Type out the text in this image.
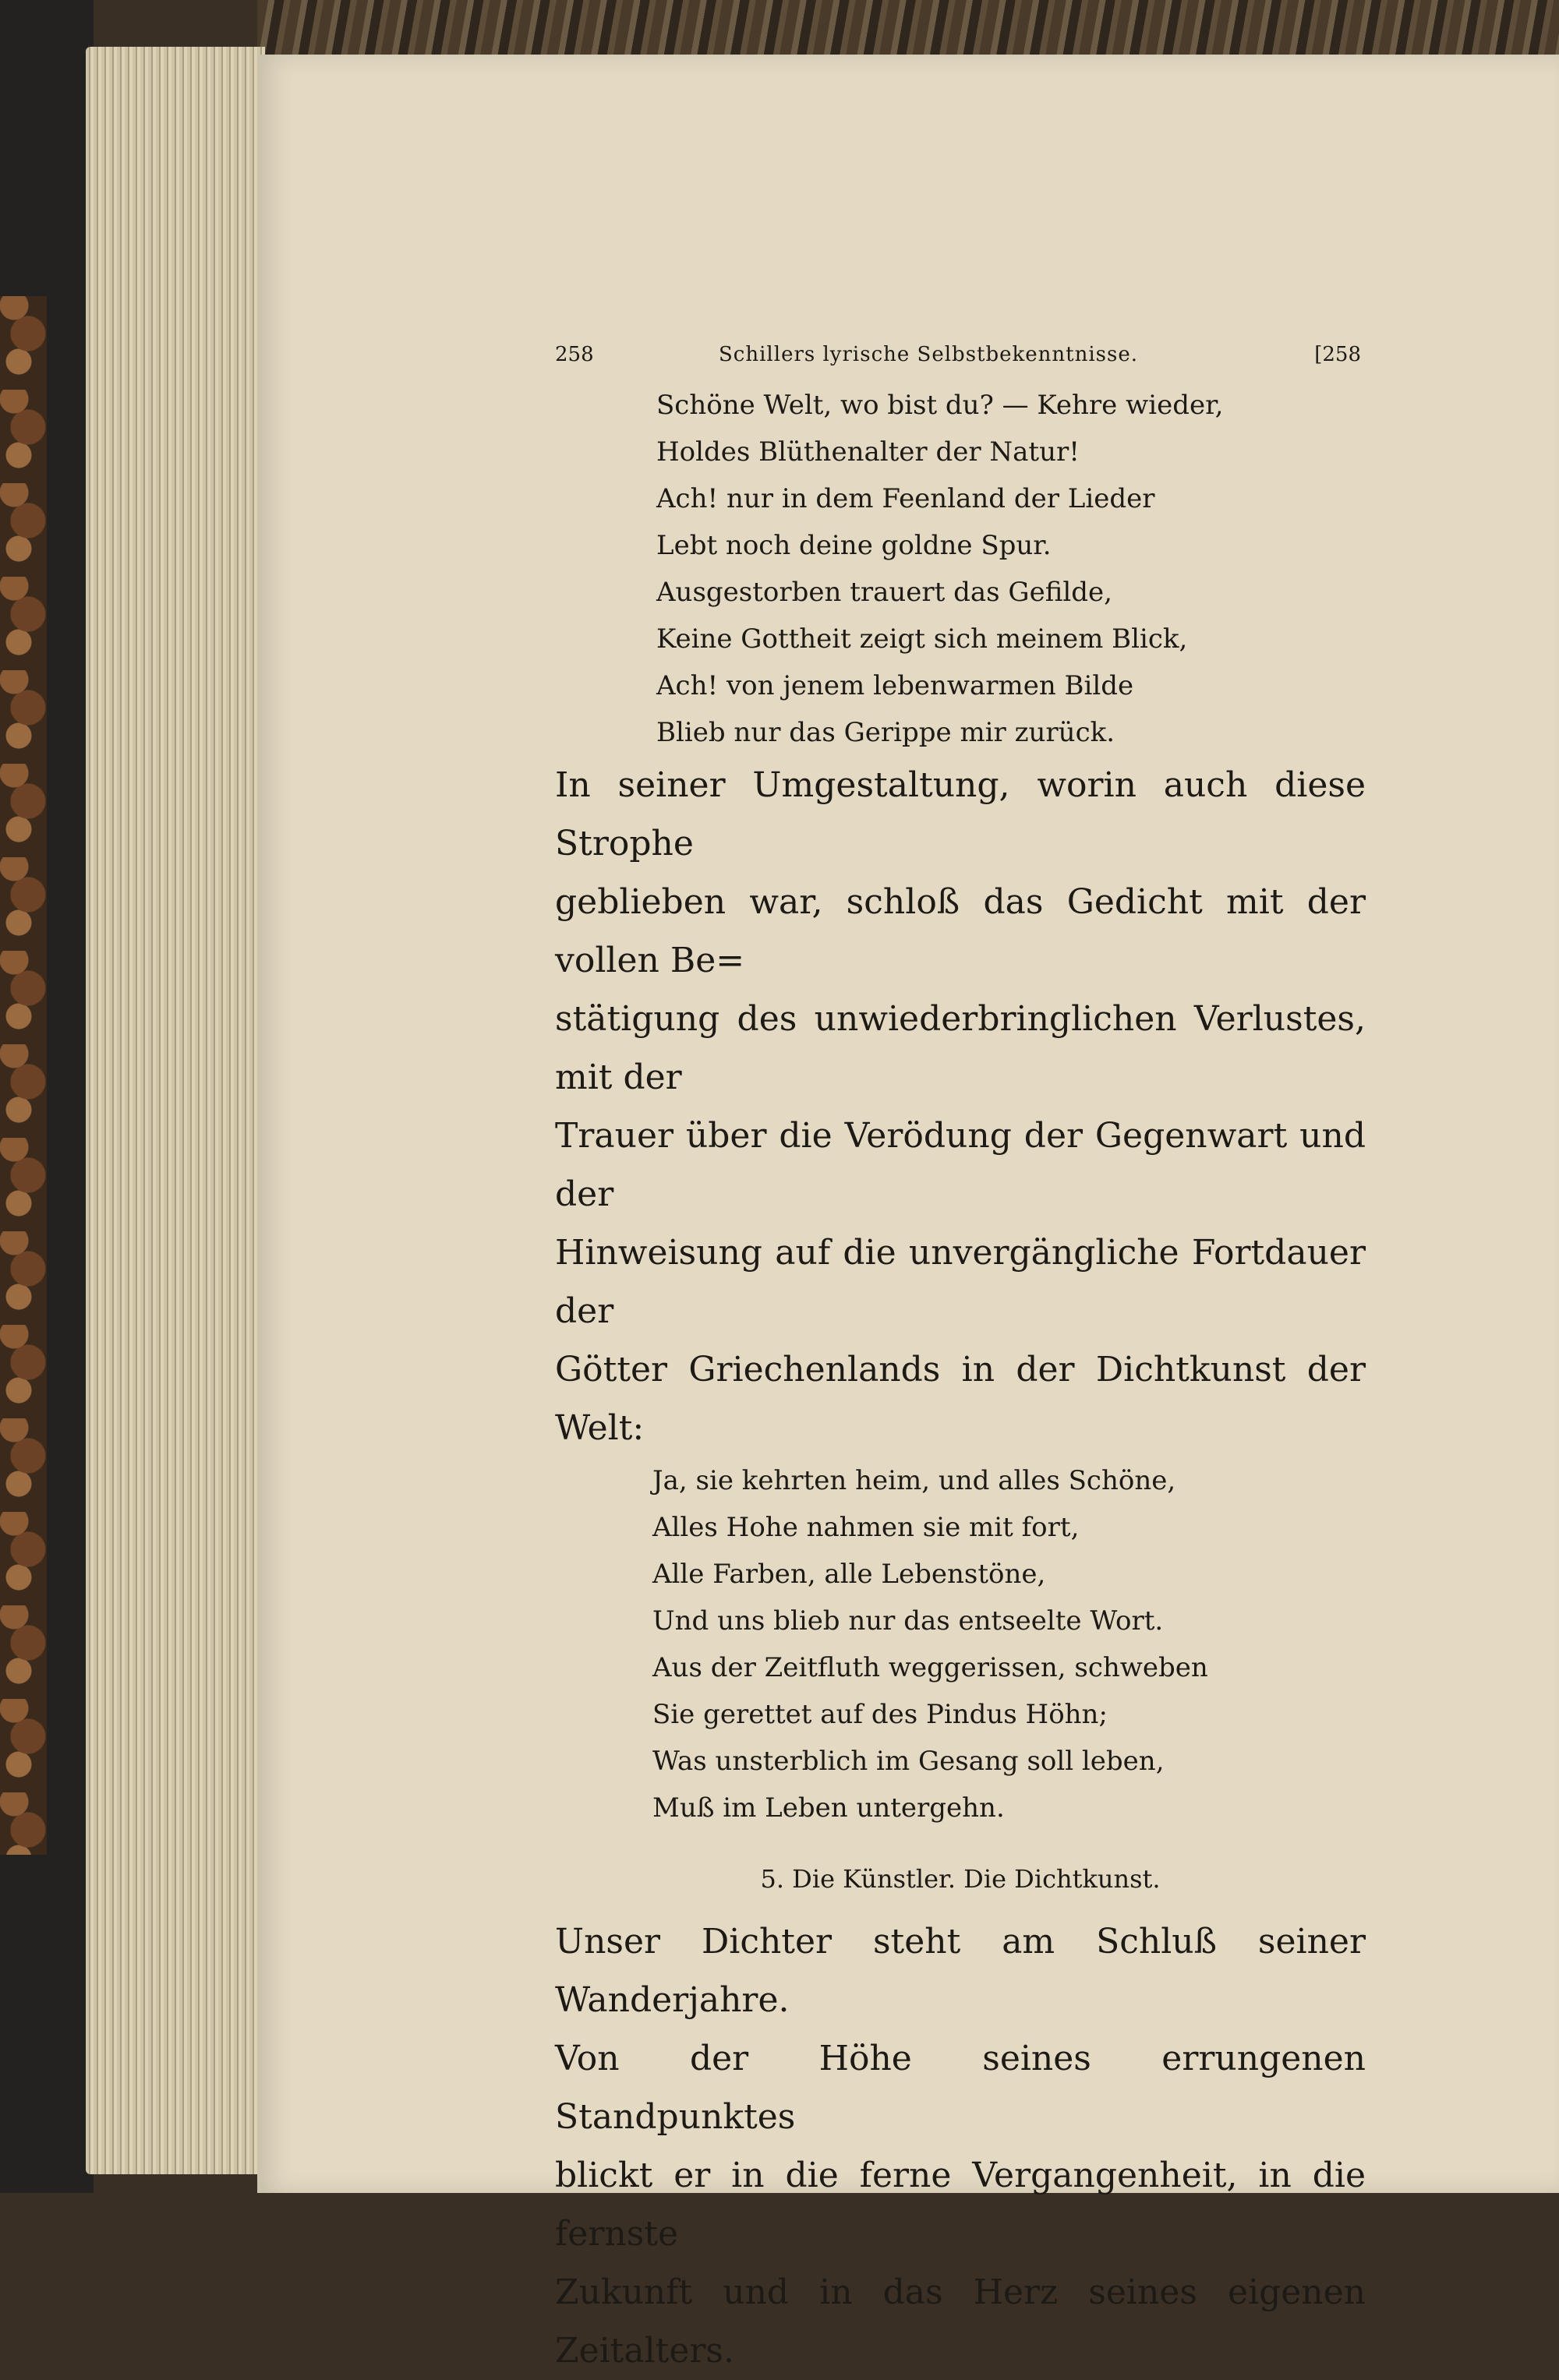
258	Schillers lyrische Selbstbekenntnisse.	[258
Schöne Welt, wo bist du? — Kehre wieder,
Holdes Blüthenalter der Natur!
Ach! nur in dem Feenland der Lieder
Lebt noch deine goldne Spur.
Ausgestorben trauert das Gefilde,
Keine Gottheit zeigt sich meinem Blick,
Ach! von jenem lebenwarmen Bilde
Blieb nur das Gerippe mir zurück.

In seiner Umgestaltung, worin auch diese Strophe

geblieben war, schloß das Gedicht mit der vollen Be=

stätigung des unwiederbringlichen Verlustes, mit der

Trauer über die Verödung der Gegenwart und der

Hinweisung auf die unvergängliche Fortdauer der

Götter Griechenlands in der Dichtkunst der Welt:

Ja, sie kehrten heim, und alles Schöne,
Alles Hohe nahmen sie mit fort,
Alle Farben, alle Lebenstöne,
Und uns blieb nur das entseelte Wort.
Aus der Zeitfluth weggerissen, schweben
Sie gerettet auf des Pindus Höhn;
Was unsterblich im Gesang soll leben,
Muß im Leben untergehn.
5. Die Künstler. Die Dichtkunst.

Unser Dichter steht am Schluß seiner Wanderjahre.

Von der Höhe seines errungenen Standpunktes

blickt er in die ferne Vergangenheit, in die fernste

Zukunft und in das Herz seines eigenen Zeitalters.
